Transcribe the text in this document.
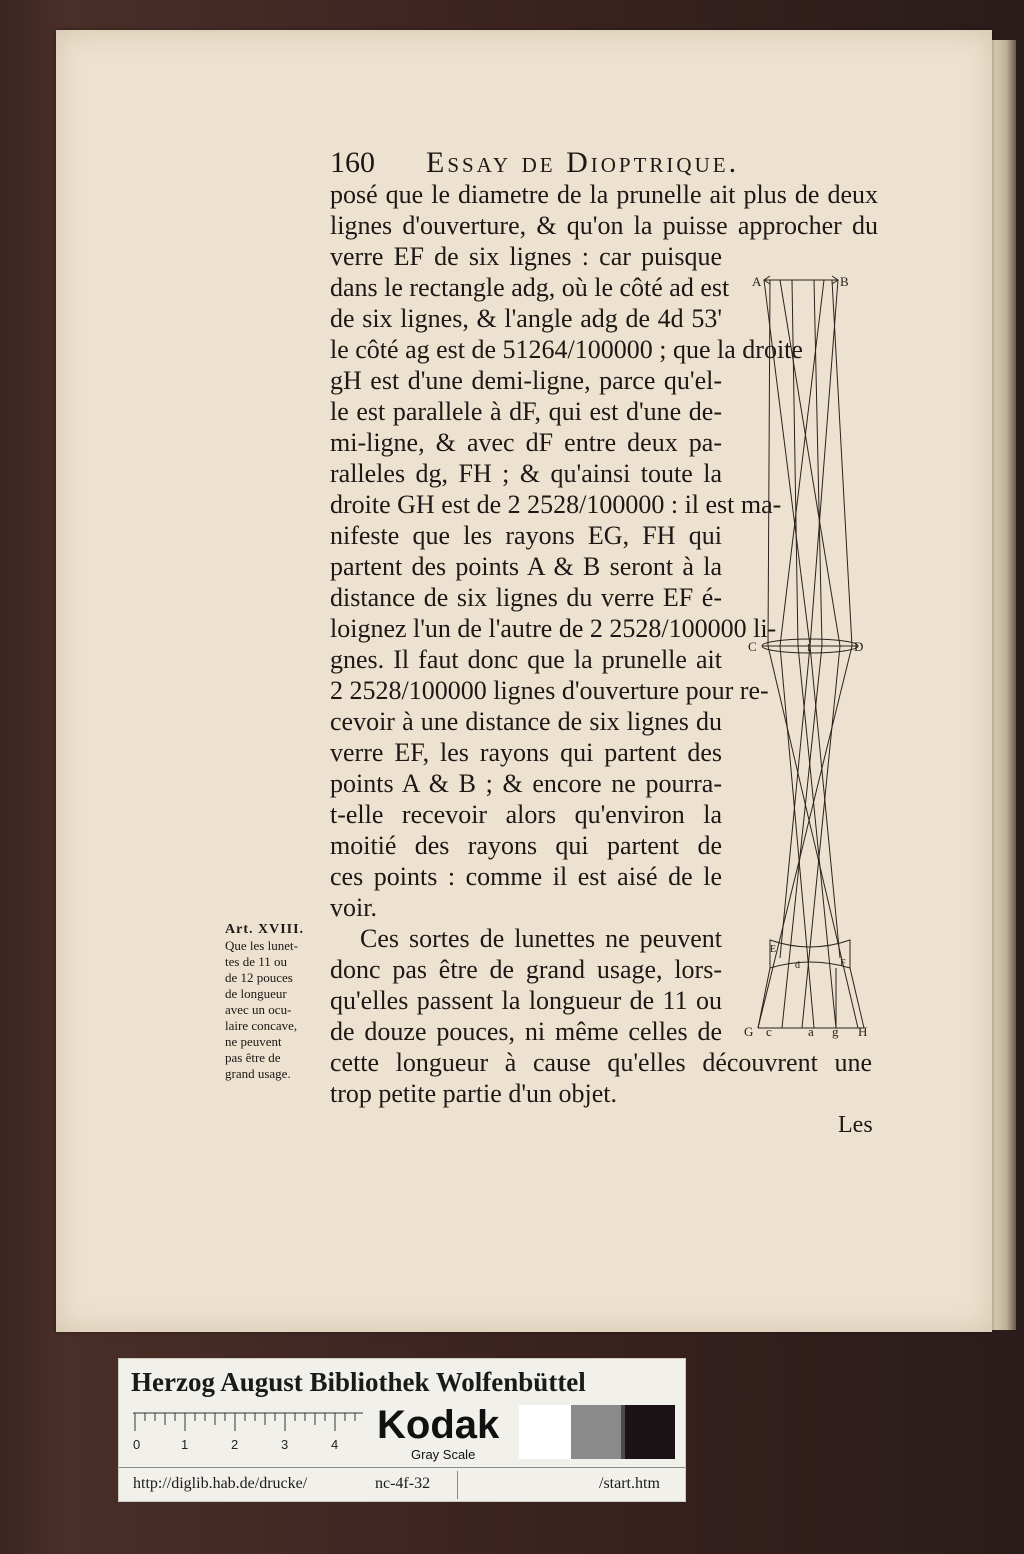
160 Essay de Dioptrique.
posé que le diametre de la prunelle ait plus de deux
lignes d'ouverture, & qu'on la puisse approcher du
verre EF de six lignes : car puisque
dans le rectangle adg, où le côté ad est
de six lignes, & l'angle adg de 4d 53'
le côté ag est de 51264/100000 ; que la droite
gH est d'une demi-ligne, parce qu'el-
le est parallele à dF, qui est d'une de-
mi-ligne, & avec dF entre deux pa-
ralleles dg, FH ; & qu'ainsi toute la
droite GH est de 2 2528/100000 : il est ma-
nifeste que les rayons EG, FH qui
partent des points A & B seront à la
distance de six lignes du verre EF é-
loignez l'un de l'autre de 2 2528/100000 li-
gnes. Il faut donc que la prunelle ait
2 2528/100000 lignes d'ouverture pour re-
cevoir à une distance de six lignes du
verre EF, les rayons qui partent des
points A & B ; & encore ne pourra-
t-elle recevoir alors qu'environ la
moitié des rayons qui partent de
ces points : comme il est aisé de le
voir.
Ces sortes de lunettes ne peuvent
donc pas être de grand usage, lors-
qu'elles passent la longueur de 11 ou
de douze pouces, ni même celles de
cette longueur à cause qu'elles découvrent une
trop petite partie d'un objet.
Art. XVIII.
Que les lunet-
tes de 11 ou
de 12 pouces
de longueur
avec un ocu-
laire concave,
ne peuvent
pas être de
grand usage.
Les
A	B
C	D
I
E
F
d
G c	a g H
Herzog August Bibliothek Wolfenbüttel
0	1	2	3	4 Kodak
Gray Scale
http://diglib.hab.de/drucke/	nc-4f-32	/start.htm
